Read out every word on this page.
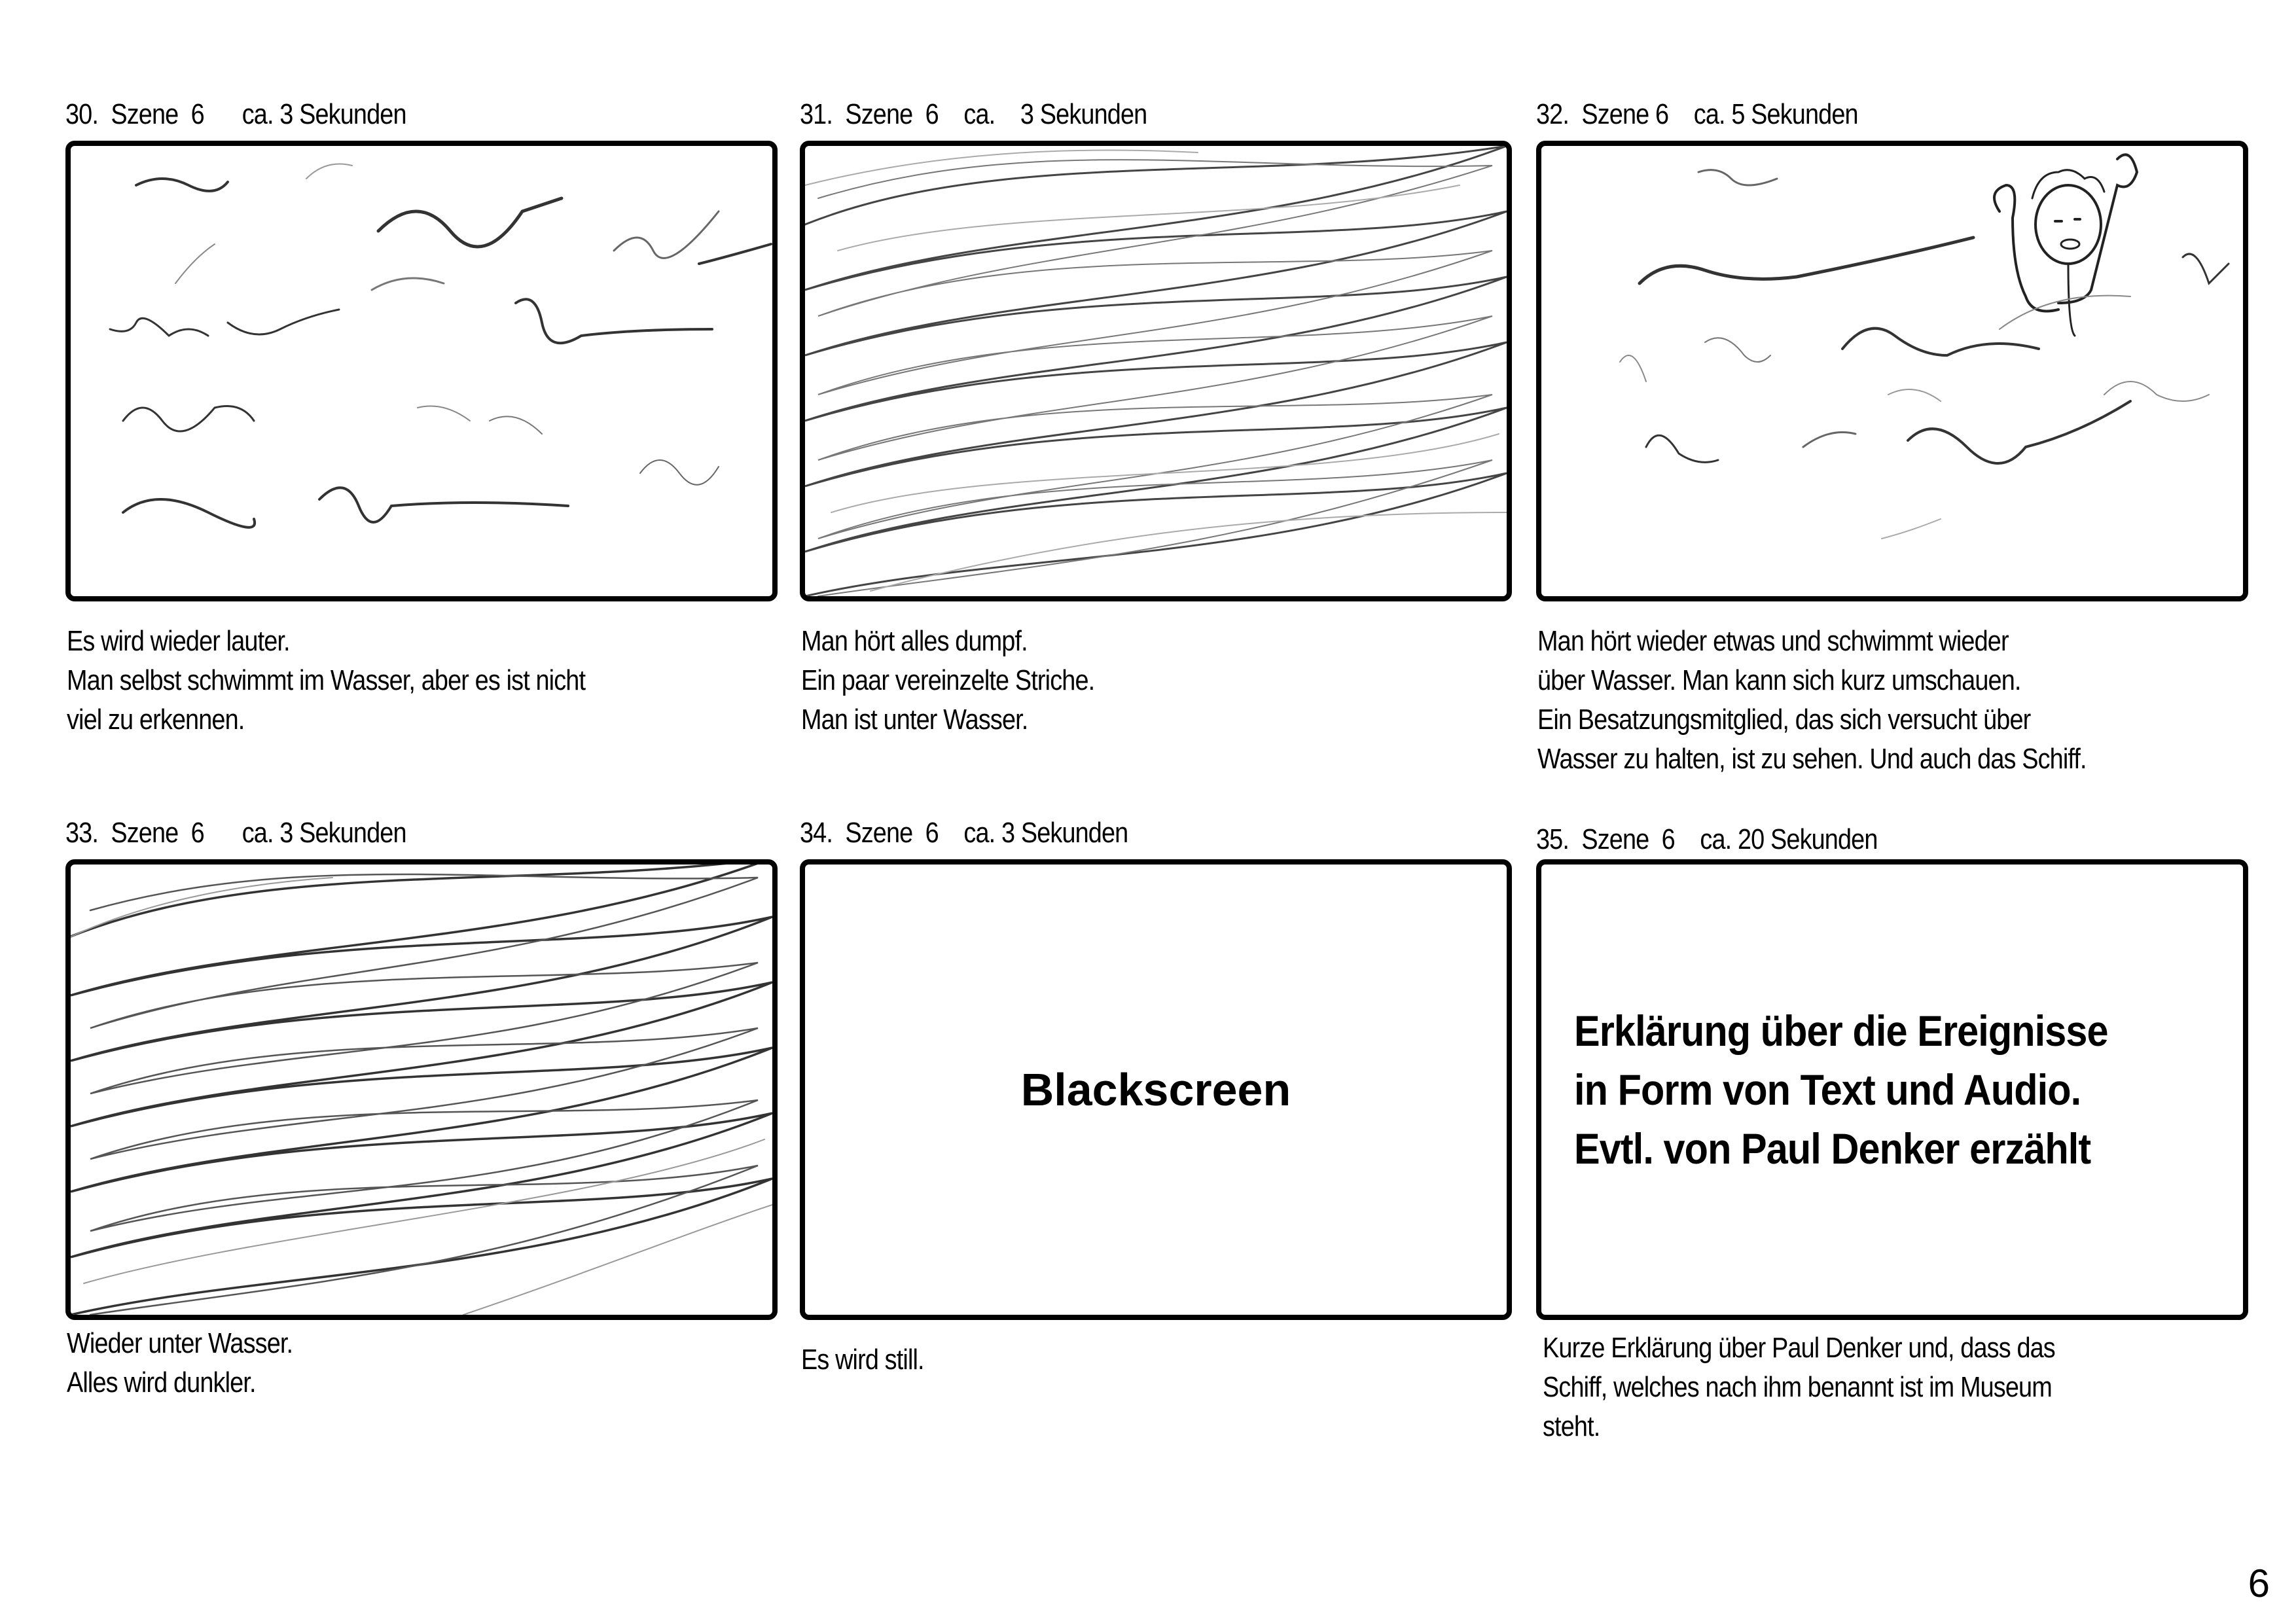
30.  Szene  6      ca. 3 Sekunden
Es wird wieder lauter.
Man selbst schwimmt im Wasser, aber es ist nicht
viel zu erkennen.
31.  Szene  6    ca.    3 Sekunden
Man hört alles dumpf.
Ein paar vereinzelte Striche.
Man ist unter Wasser.
32.  Szene 6    ca. 5 Sekunden
Man hört wieder etwas und schwimmt wieder
über Wasser. Man kann sich kurz umschauen.
Ein Besatzungsmitglied, das sich versucht über
Wasser zu halten, ist zu sehen. Und auch das Schiff.
33.  Szene  6      ca. 3 Sekunden
Wieder unter Wasser.
Alles wird dunkler.
34.  Szene  6    ca. 3 Sekunden
Blackscreen
Es wird still.
35.  Szene  6    ca. 20 Sekunden
Erklärung über die Ereignisse
in Form von Text und Audio.
Evtl. von Paul Denker erzählt
Kurze Erklärung über Paul Denker und, dass das
Schiff, welches nach ihm benannt ist im Museum
steht.
6
